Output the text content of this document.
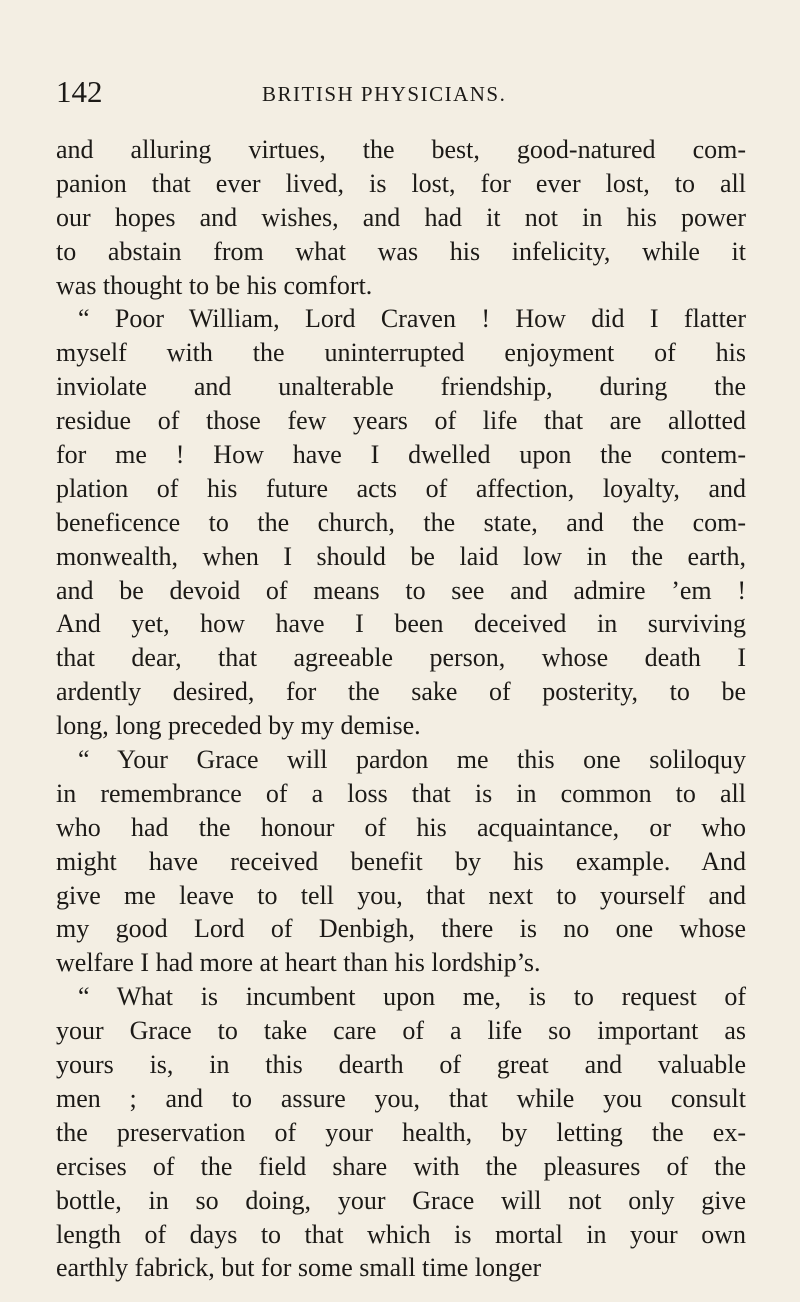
142	BRITISH PHYSICIANS.
and alluring virtues, the best, good-natured com-
panion that ever lived, is lost, for ever lost, to all
our hopes and wishes, and had it not in his power
to abstain from what was his infelicity, while it
was thought to be his comfort.
“ Poor William, Lord Craven ! How did I flatter
myself with the uninterrupted enjoyment of his
inviolate and unalterable friendship, during the
residue of those few years of life that are allotted
for me ! How have I dwelled upon the contem-
plation of his future acts of affection, loyalty, and
beneficence to the church, the state, and the com-
monwealth, when I should be laid low in the earth,
and be devoid of means to see and admire ’em !
And yet, how have I been deceived in surviving
that dear, that agreeable person, whose death I
ardently desired, for the sake of posterity, to be
long, long preceded by my demise.
“ Your Grace will pardon me this one soliloquy
in remembrance of a loss that is in common to all
who had the honour of his acquaintance, or who
might have received benefit by his example. And
give me leave to tell you, that next to yourself and
my good Lord of Denbigh, there is no one whose
welfare I had more at heart than his lordship’s.
“ What is incumbent upon me, is to request of
your Grace to take care of a life so important as
yours is, in this dearth of great and valuable
men ; and to assure you, that while you consult
the preservation of your health, by letting the ex-
ercises of the field share with the pleasures of the
bottle, in so doing, your Grace will not only give
length of days to that which is mortal in your own
earthly fabrick, but for some small time longer
